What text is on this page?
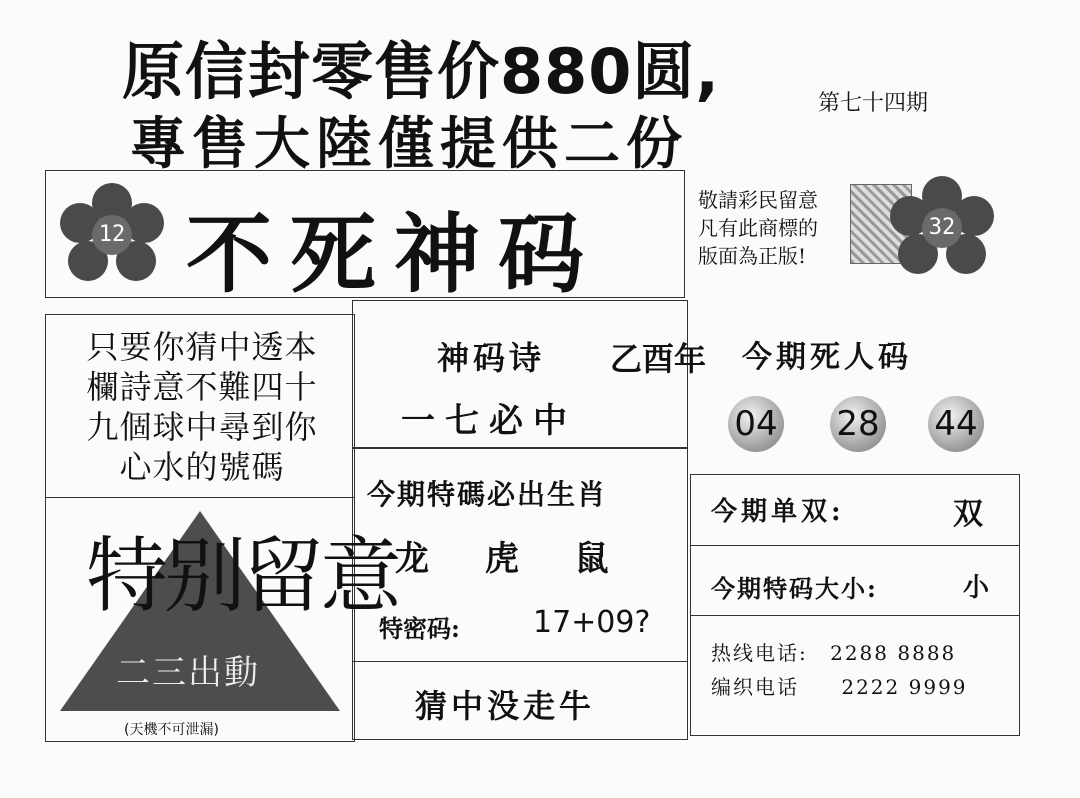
原信封零售价880圆,
專售大陸僅提供二份
第七十四期
12 不死神码
敬請彩民留意
凡有此商標的
版面為正版!
32
只要你猜中透本
欄詩意不難四十
九個球中尋到你
心水的號碼
特别留意
二三出動
(天機不可泄漏)
神码诗
一七必中
乙酉年 今期死人码
04 28 44
今期特碼必出生肖
龙 虎 鼠
特密码: 17+09?
猜中没走牛
今期单双:	双
今期特码大小:	小
热线电话: 2288 8888
编织电话 2222 9999
